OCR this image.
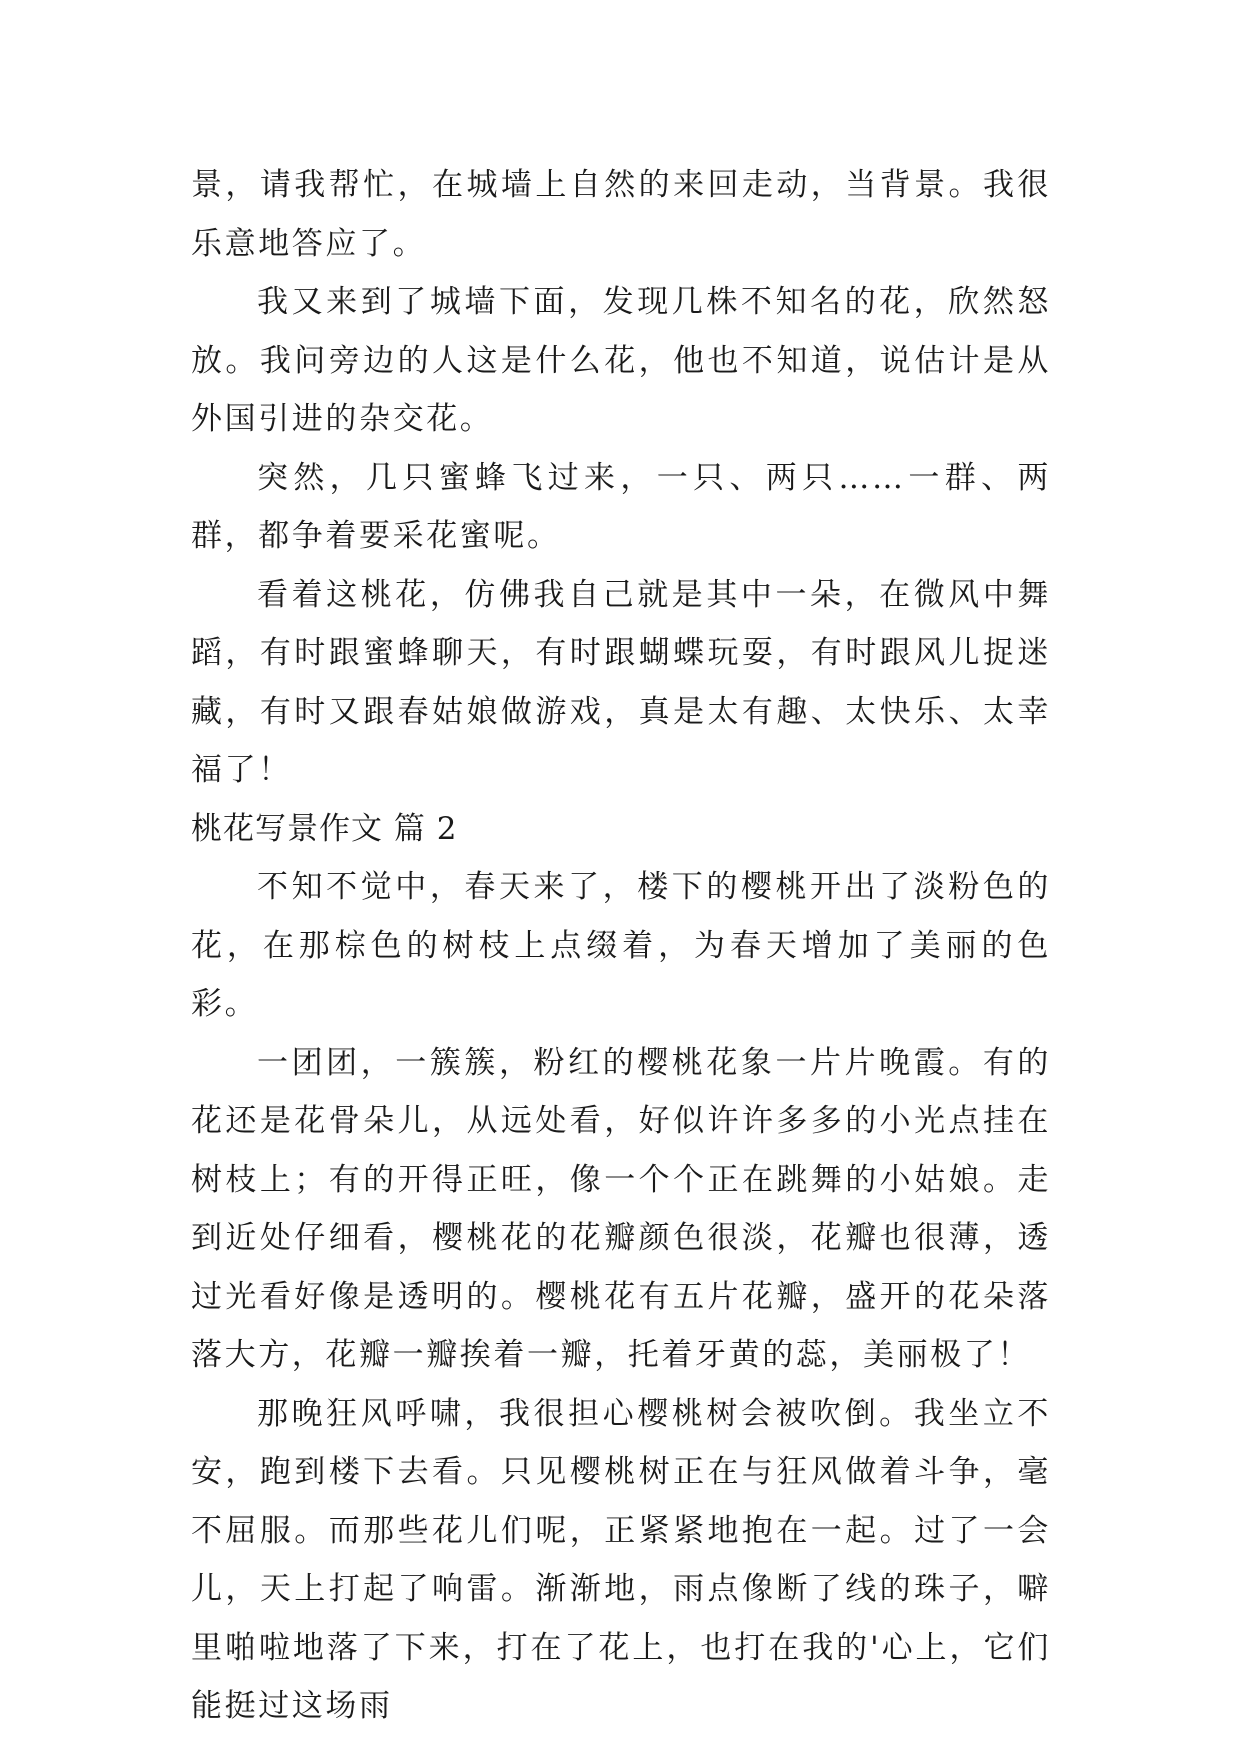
景，请我帮忙，在城墙上自然的来回走动，当背景。我很乐意地答应了。

我又来到了城墙下面，发现几株不知名的花，欣然怒放。我问旁边的人这是什么花，他也不知道，说估计是从外国引进的杂交花。

突然，几只蜜蜂飞过来，一只、两只……一群、两群，都争着要采花蜜呢。

看着这桃花，仿佛我自己就是其中一朵，在微风中舞蹈，有时跟蜜蜂聊天，有时跟蝴蝶玩耍，有时跟风儿捉迷藏，有时又跟春姑娘做游戏，真是太有趣、太快乐、太幸福了！

桃花写景作文 篇 2

不知不觉中，春天来了，楼下的樱桃开出了淡粉色的花，在那棕色的树枝上点缀着，为春天增加了美丽的色彩。

一团团，一簇簇，粉红的樱桃花象一片片晚霞。有的花还是花骨朵儿，从远处看，好似许许多多的小光点挂在树枝上；有的开得正旺，像一个个正在跳舞的小姑娘。走到近处仔细看，樱桃花的花瓣颜色很淡，花瓣也很薄，透过光看好像是透明的。樱桃花有五片花瓣，盛开的花朵落落大方，花瓣一瓣挨着一瓣，托着牙黄的蕊，美丽极了！

那晚狂风呼啸，我很担心樱桃树会被吹倒。我坐立不安，跑到楼下去看。只见樱桃树正在与狂风做着斗争，毫不屈服。而那些花儿们呢，正紧紧地抱在一起。过了一会儿，天上打起了响雷。渐渐地，雨点像断了线的珠子，噼里啪啦地落了下来，打在了花上，也打在我的'心上，它们能挺过这场雨
